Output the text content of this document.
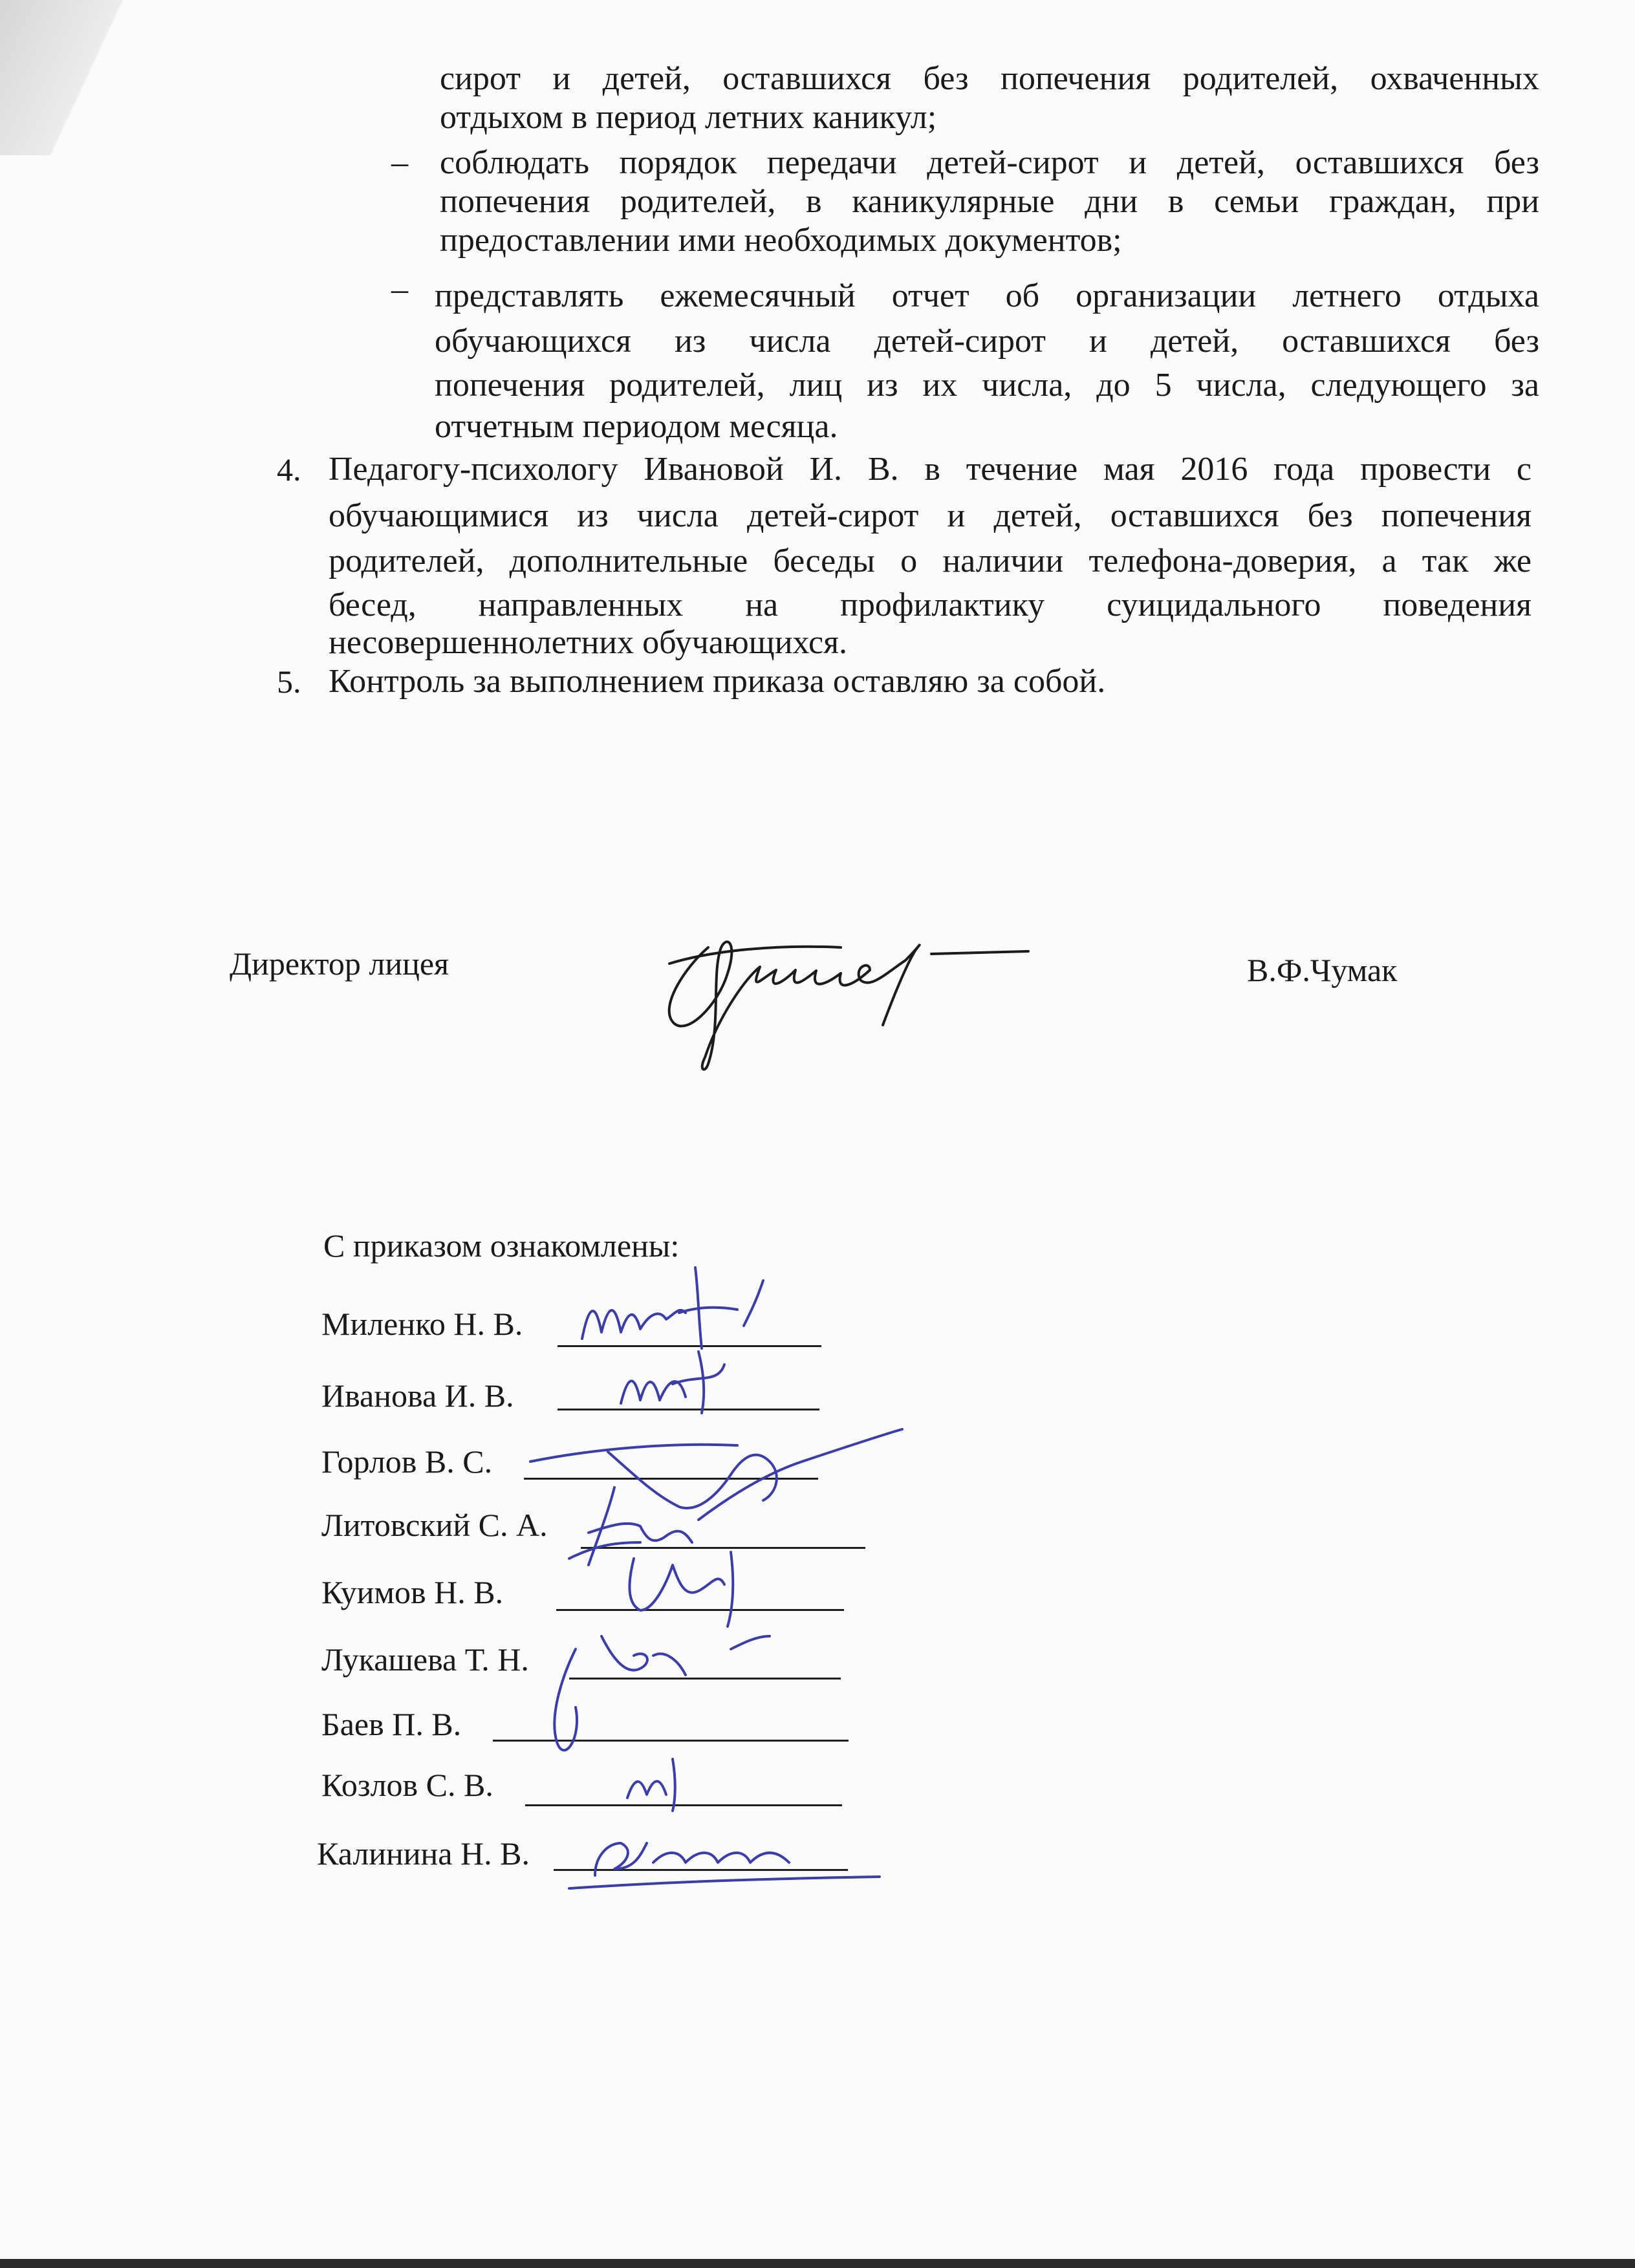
сирот и детей, оставшихся без попечения родителей, охваченных
отдыхом в период летних каникул;
– соблюдать порядок передачи детей-сирот и детей, оставшихся без
попечения родителей, в каникулярные дни в семьи граждан, при
предоставлении ими необходимых документов;
– представлять ежемесячный отчет об организации летнего отдыха
обучающихся из числа детей-сирот и детей, оставшихся без
попечения родителей, лиц из их числа, до 5 числа, следующего за
отчетным периодом месяца.
4. Педагогу-психологу Ивановой И. В. в течение мая 2016 года провести с
обучающимися из числа детей-сирот и детей, оставшихся без попечения
родителей, дополнительные беседы о наличии телефона-доверия, а так же
бесед, направленных на профилактику суицидального поведения
несовершеннолетних обучающихся.
5. Контроль за выполнением приказа оставляю за собой.
Директор лицея	В.Ф.Чумак
С приказом ознакомлены:
Миленко Н. В.
Иванова И. В.
Горлов В. С.
Литовский С. А.
Куимов Н. В.
Лукашева Т. Н.
Баев П. В.
Козлов С. В.
Калинина Н. В.
